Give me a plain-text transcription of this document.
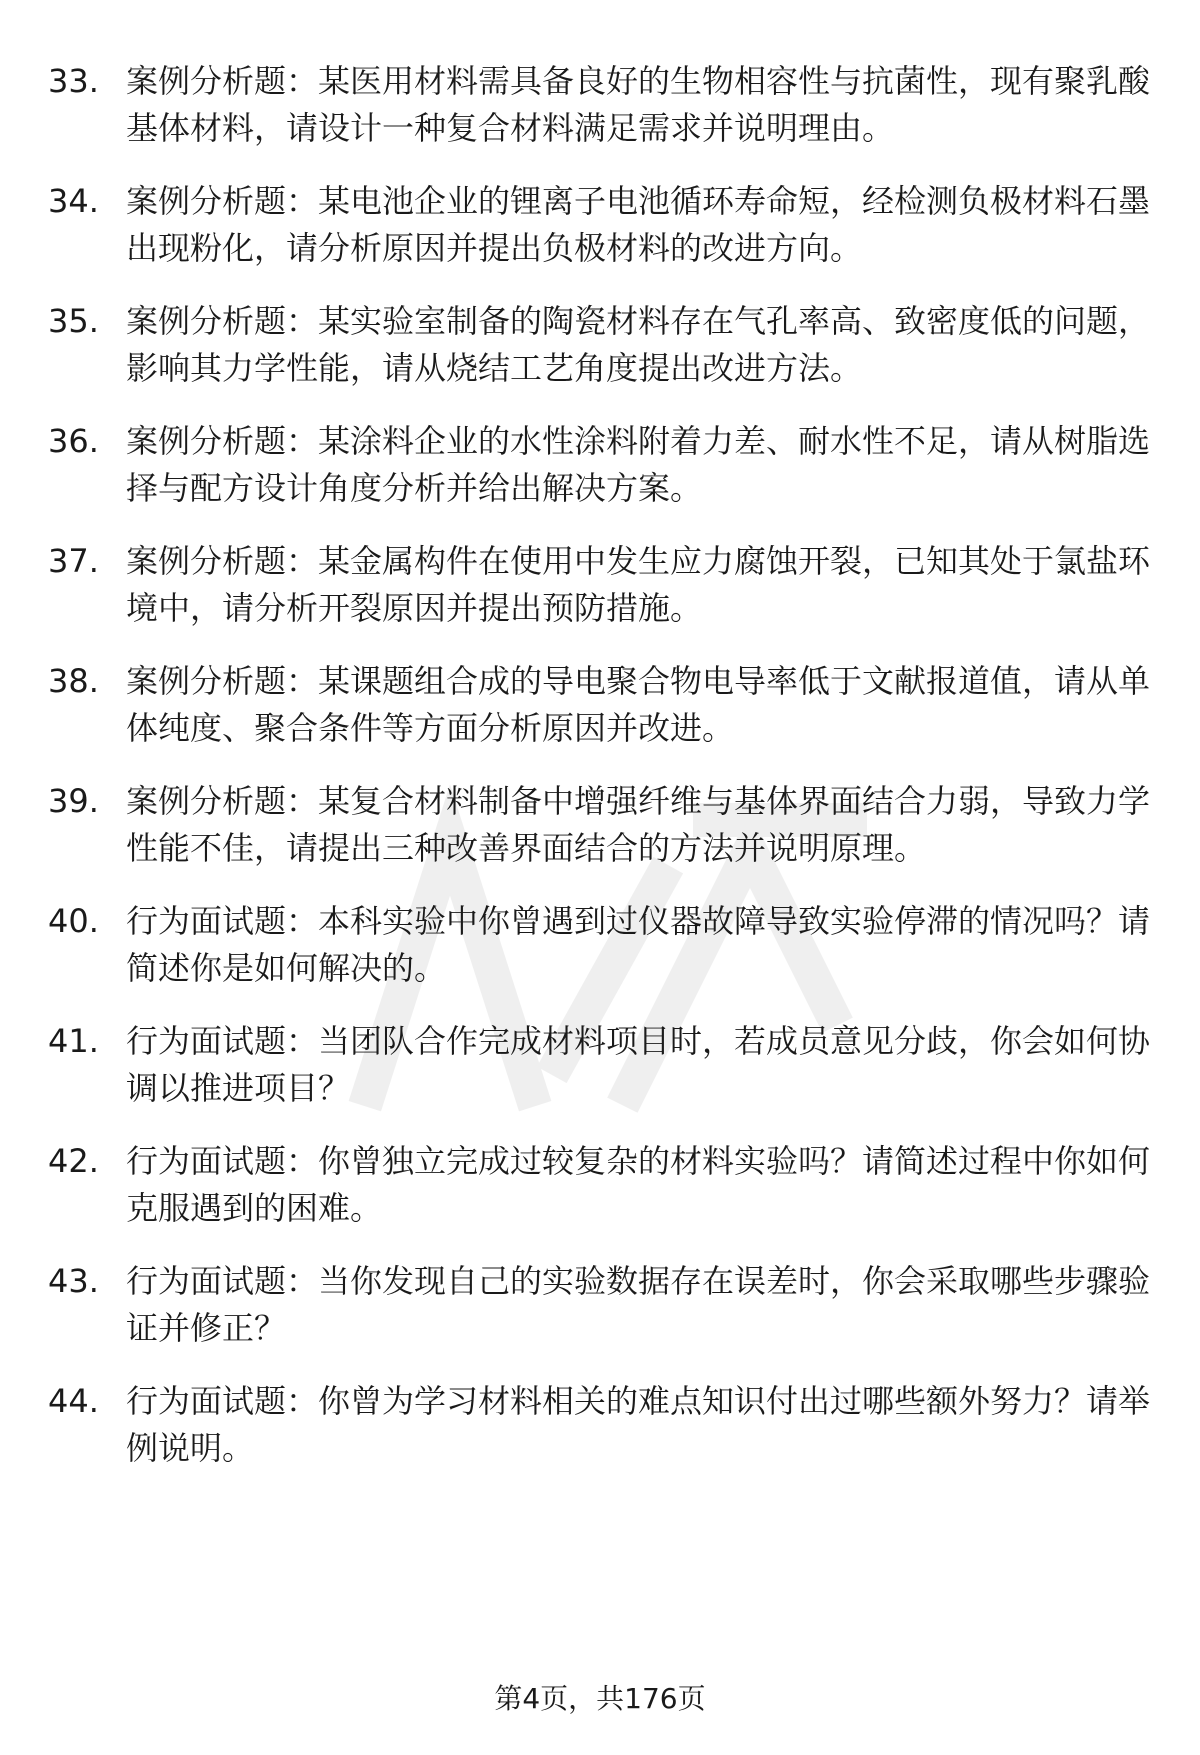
33. 案例分析题：某医用材料需具备良好的生物相容性与抗菌性，现有聚乳酸基体材料，请设计一种复合材料满足需求并说明理由。
34. 案例分析题：某电池企业的锂离子电池循环寿命短，经检测负极材料石墨出现粉化，请分析原因并提出负极材料的改进方向。
35. 案例分析题：某实验室制备的陶瓷材料存在气孔率高、致密度低的问题，影响其力学性能，请从烧结工艺角度提出改进方法。
36. 案例分析题：某涂料企业的水性涂料附着力差、耐水性不足，请从树脂选择与配方设计角度分析并给出解决方案。
37. 案例分析题：某金属构件在使用中发生应力腐蚀开裂，已知其处于氯盐环境中，请分析开裂原因并提出预防措施。
38. 案例分析题：某课题组合成的导电聚合物电导率低于文献报道值，请从单体纯度、聚合条件等方面分析原因并改进。
39. 案例分析题：某复合材料制备中增强纤维与基体界面结合力弱，导致力学性能不佳，请提出三种改善界面结合的方法并说明原理。
40. 行为面试题：本科实验中你曾遇到过仪器故障导致实验停滞的情况吗？请简述你是如何解决的。
41. 行为面试题：当团队合作完成材料项目时，若成员意见分歧，你会如何协调以推进项目？
42. 行为面试题：你曾独立完成过较复杂的材料实验吗？请简述过程中你如何克服遇到的困难。
43. 行为面试题：当你发现自己的实验数据存在误差时，你会采取哪些步骤验证并修正？
44. 行为面试题：你曾为学习材料相关的难点知识付出过哪些额外努力？请举例说明。
第4页，共176页
